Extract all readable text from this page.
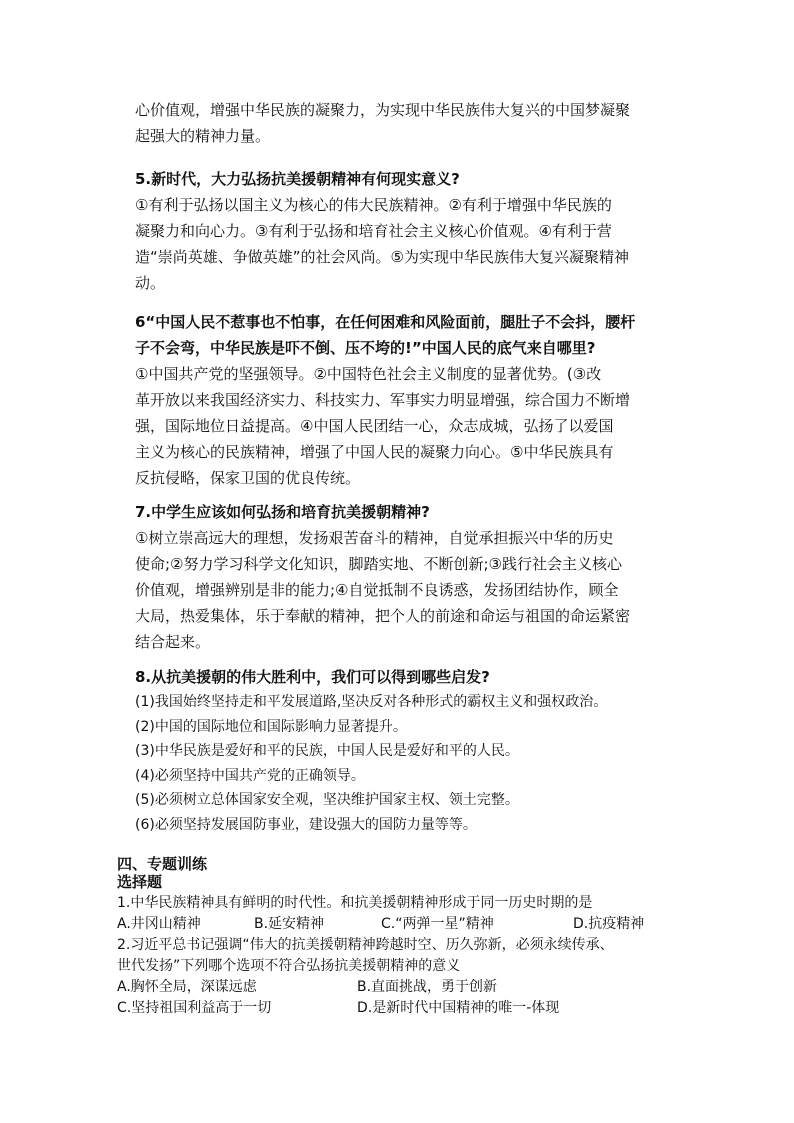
心价值观，增强中华民族的凝聚力，为实现中华民族伟大复兴的中国梦凝聚
起强大的精神力量。
5.新时代，大力弘扬抗美援朝精神有何现实意义?
①有利于弘扬以国主义为核心的伟大民族精神。②有利于增强中华民族的
凝聚力和向心力。③有利于弘扬和培育社会主义核心价值观。④有利于营
造“崇尚英雄、争做英雄”的社会风尚。⑤为实现中华民族伟大复兴凝聚精神
动。
6“中国人民不惹事也不怕事，在任何困难和风险面前，腿肚子不会抖，腰杆
子不会弯，中华民族是吓不倒、压不垮的!”中国人民的底气来自哪里?
①中国共产党的坚强领导。②中国特色社会主义制度的显著优势。(③改
革开放以来我国经济实力、科技实力、军事实力明显增强，综合国力不断增
强，国际地位日益提高。④中国人民团结一心，众志成城，弘扬了以爱国
主义为核心的民族精神，增强了中国人民的凝聚力向心。⑤中华民族具有
反抗侵略，保家卫国的优良传统。
7.中学生应该如何弘扬和培育抗美援朝精神?
①树立崇高远大的理想，发扬艰苦奋斗的精神，自觉承担振兴中华的历史
使命;②努力学习科学文化知识，脚踏实地、不断创新;③践行社会主义核心
价值观，增强辨别是非的能力;④自觉抵制不良诱惑，发扬团结协作，顾全
大局，热爱集体，乐于奉献的精神，把个人的前途和命运与祖国的命运紧密
结合起来。
8.从抗美援朝的伟大胜利中，我们可以得到哪些启发?
(1)我国始终坚持走和平发展道路,坚决反对各种形式的霸权主义和强权政治。
(2)中国的国际地位和国际影响力显著提升。
(3)中华民族是爱好和平的民族，中国人民是爱好和平的人民。
(4)必须坚持中国共产党的正确领导。
(5)必须树立总体国家安全观，坚决维护国家主权、领土完整。
(6)必须坚持发展国防事业，建设强大的国防力量等等。
四、专题训练
选择题
1.中华民族精神具有鲜明的时代性。和抗美援朝精神形成于同一历史时期的是
A.井冈山精神	B.延安精神	C.“两弹一星”精神	D.抗疫精神
2.习近平总书记强调“伟大的抗美援朝精神跨越时空、历久弥新，必须永续传承、
世代发扬”下列哪个选项不符合弘扬抗美援朝精神的意义
A.胸怀全局，深谋远虑	B.直面挑战，勇于创新
C.坚持祖国利益高于一切	D.是新时代中国精神的唯一-体现
